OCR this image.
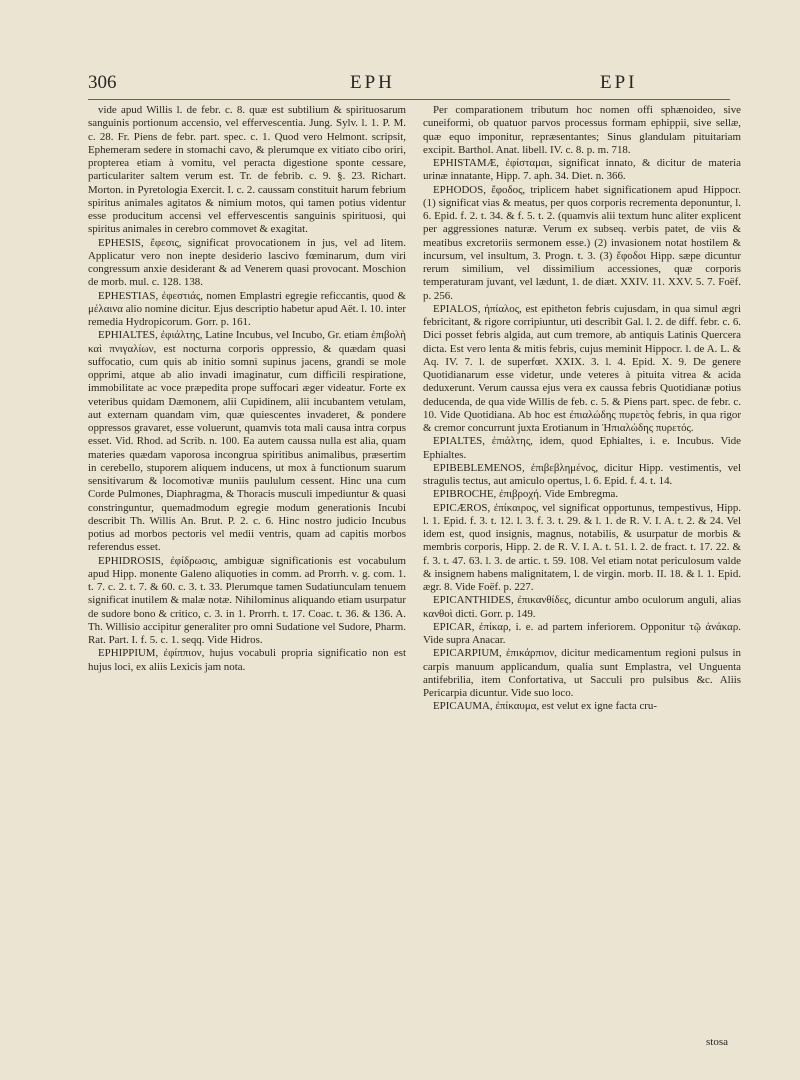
306	EPH	EPI

vide apud Willis l. de febr. c. 8. quæ est subtilium & spirituosarum sanguinis portionum accensio, vel effervescentia. Jung. Sylv. l. 1. P. M. c. 28. Fr. Piens de febr. part. spec. c. 1. Quod vero Helmont. scripsit, Ephemeram sedere in stomachi cavo, & plerumque ex vitiato cibo oriri, propterea etiam à vomitu, vel peracta digestione sponte cessare, particulariter saltem verum est. Tr. de febrib. c. 9. §. 23. Richart. Morton. in Pyretologia Exercit. I. c. 2. caussam constituit harum febrium spiritus animales agitatos & nimium motos, qui tamen potius videntur esse producitum accensi vel effervescentis sanguinis spirituosi, qui spiritus animales in cerebro commovet & exagitat.

EPHESIS, ἔφεσις, significat provocationem in jus, vel ad litem. Applicatur vero non inepte desiderio lascivo fœminarum, dum viri congressum anxie desiderant & ad Venerem quasi provocant. Moschion de morb. mul. c. 128. 138.

EPHESTIAS, ἐφεστιάς, nomen Emplastri egregie reficcantis, quod & μέλαινα alio nomine dicitur. Ejus descriptio habetur apud Aët. l. 10. inter remedia Hydropicorum. Gorr. p. 161.

EPHIALTES, ἐφιάλτης, Latine Incubus, vel Incubo, Gr. etiam ἐπιβολὴ καὶ πνιγαλίων, est nocturna corporis oppressio, & quædam quasi suffocatio, cum quis ab initio somni supinus jacens, grandi se mole opprimi, atque ab alio invadi imaginatur, cum difficili respiratione, immobilitate ac voce præpedita prope suffocari æger videatur. Forte ex veteribus quidam Dæmonem, alii Cupidinem, alii incubantem vetulam, aut externam quandam vim, quæ quiescentes invaderet, & pondere oppressos gravaret, esse voluerunt, quamvis tota mali causa intra corpus esset. Vid. Rhod. ad Scrib. n. 100. Ea autem caussa nulla est alia, quam materies quædam vaporosa incongrua spiritibus animalibus, præsertim in cerebello, stuporem aliquem inducens, ut mox à functionum suarum sensitivarum & locomotivæ muniis paululum cessent. Hinc una cum Corde Pulmones, Diaphragma, & Thoracis musculi impediuntur & quasi constringuntur, quemadmodum egregie modum generationis Incubi describit Th. Willis An. Brut. P. 2. c. 6. Hinc nostro judicio Incubus potius ad morbos pectoris vel medii ventris, quam ad capitis morbos referendus esset.

EPHIDROSIS, ἐφίδρωσις, ambiguæ significationis est vocabulum apud Hipp. monente Galeno aliquoties in comm. ad Prorrh. v. g. com. 1. t. 7. c. 2. t. 7. & 60. c. 3. t. 33. Plerumque tamen Sudatiunculam tenuem significat inutilem & malæ notæ. Nihilominus aliquando etiam usurpatur de sudore bono & critico, c. 3. in 1. Prorrh. t. 17. Coac. t. 36. & 136. A. Th. Willisio accipitur generaliter pro omni Sudatione vel Sudore, Pharm. Rat. Part. I. f. 5. c. 1. seqq. Vide Hidros.

EPHIPPIUM, ἐφίππιον, hujus vocabuli propria significatio non est hujus loci, ex aliis Lexicis jam nota.

Per comparationem tributum hoc nomen offi sphænoideo, sive cuneiformi, ob quatuor parvos processus formam ephippii, sive sellæ, quæ equo imponitur, repræsentantes; Sinus glandulam pituitariam excipit. Barthol. Anat. libell. IV. c. 8. p. m. 718.

EPHISTAMÆ, ἐφίσταμαι, significat innato, & dicitur de materia urinæ innatante, Hipp. 7. aph. 34. Diet. n. 366.

EPHODOS, ἔφοδος, triplicem habet significationem apud Hippocr. (1) significat vias & meatus, per quos corporis recrementa deponuntur, l. 6. Epid. f. 2. t. 34. & f. 5. t. 2. (quamvis alii textum hunc aliter explicent per aggressiones naturæ. Verum ex subseq. verbis patet, de viis & meatibus excretoriis sermonem esse.) (2) invasionem notat hostilem & incursum, vel insultum, 3. Progn. t. 3. (3) ἔφοδοι Hipp. sæpe dicuntur rerum similium, vel dissimilium accessiones, quæ corporis temperaturam juvant, vel lædunt, 1. de diæt. XXIV. 11. XXV. 5. 7. Foëf. p. 256.

EPIALOS, ἠπίαλος, est epitheton febris cujusdam, in qua simul ægri febricitant, & rigore corripiuntur, uti describit Gal. l. 2. de diff. febr. c. 6. Dici posset febris algida, aut cum tremore, ab antiquis Latinis Quercera dicta. Est vero lenta & mitis febris, cujus meminit Hippocr. l. de A. L. & Aq. IV. 7. l. de superfœt. XXIX. 3. l. 4. Epid. X. 9. De genere Quotidianarum esse videtur, unde veteres à pituita vitrea & acida deduxerunt. Verum caussa ejus vera ex caussa febris Quotidianæ potius deducenda, de qua vide Willis de feb. c. 5. & Piens part. spec. de febr. c. 10. Vide Quotidiana. Ab hoc est ἐπιαλώδης πυρετὸς febris, in qua rigor & cremor concurrunt juxta Erotianum in Ἠπιαλώδης πυρετός.

EPIALTES, ἐπιάλτης, idem, quod Ephialtes, i. e. Incubus. Vide Ephialtes.

EPIBEBLEMENOS, ἐπιβεβλημένος, dicitur Hipp. vestimentis, vel stragulis tectus, aut amiculo opertus, l. 6. Epid. f. 4. t. 14.

EPIBROCHE, ἐπιβροχή. Vide Embregma.

EPICÆROS, ἐπίκαιρος, vel significat opportunus, tempestivus, Hipp. l. 1. Epid. f. 3. t. 12. l. 3. f. 3. t. 29. & l. 1. de R. V. I. A. t. 2. & 24. Vel idem est, quod insignis, magnus, notabilis, & usurpatur de morbis & membris corporis, Hipp. 2. de R. V. I. A. t. 51. l. 2. de fract. t. 17. 22. & f. 3. t. 47. 63. l. 3. de artic. t. 59. 108. Vel etiam notat periculosum valde & insignem habens malignitatem, l. de virgin. morb. II. 18. & l. 1. Epid. ægr. 8. Vide Foëf. p. 227.

EPICANTHIDES, ἐπικανθίδες, dicuntur ambo oculorum anguli, alias κανθοὶ dicti. Gorr. p. 149.

EPICAR, ἐπίκαρ, i. e. ad partem inferiorem. Opponitur τῷ ἀνάκαρ. Vide supra Anacar.

EPICARPIUM, ἐπικάρπιον, dicitur medicamentum regioni pulsus in carpis manuum applicandum, qualia sunt Emplastra, vel Unguenta antifebrilia, item Confortativa, ut Sacculi pro pulsibus &c. Aliis Pericarpia dicuntur. Vide suo loco.

EPICAUMA, ἐπίκαυμα, est velut ex igne facta cru-

stosa
